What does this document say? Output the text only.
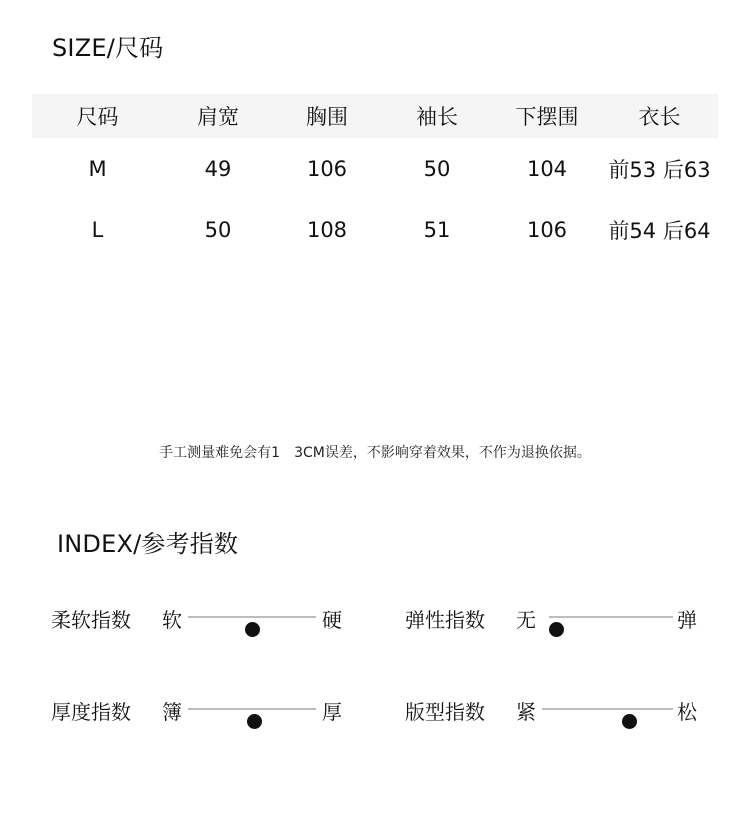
SIZE/尺码
尺码	肩宽	胸围	袖长	下摆围	衣长
M	49	106	50	104	前53 后63
L	50	108	51	106	前54 后64
手工测量难免会有1　3CM误差，不影响穿着效果，不作为退换依据。
INDEX/参考指数
柔软指数 软	硬	弹性指数 无	弹
厚度指数 簿	厚	版型指数 紧	松
